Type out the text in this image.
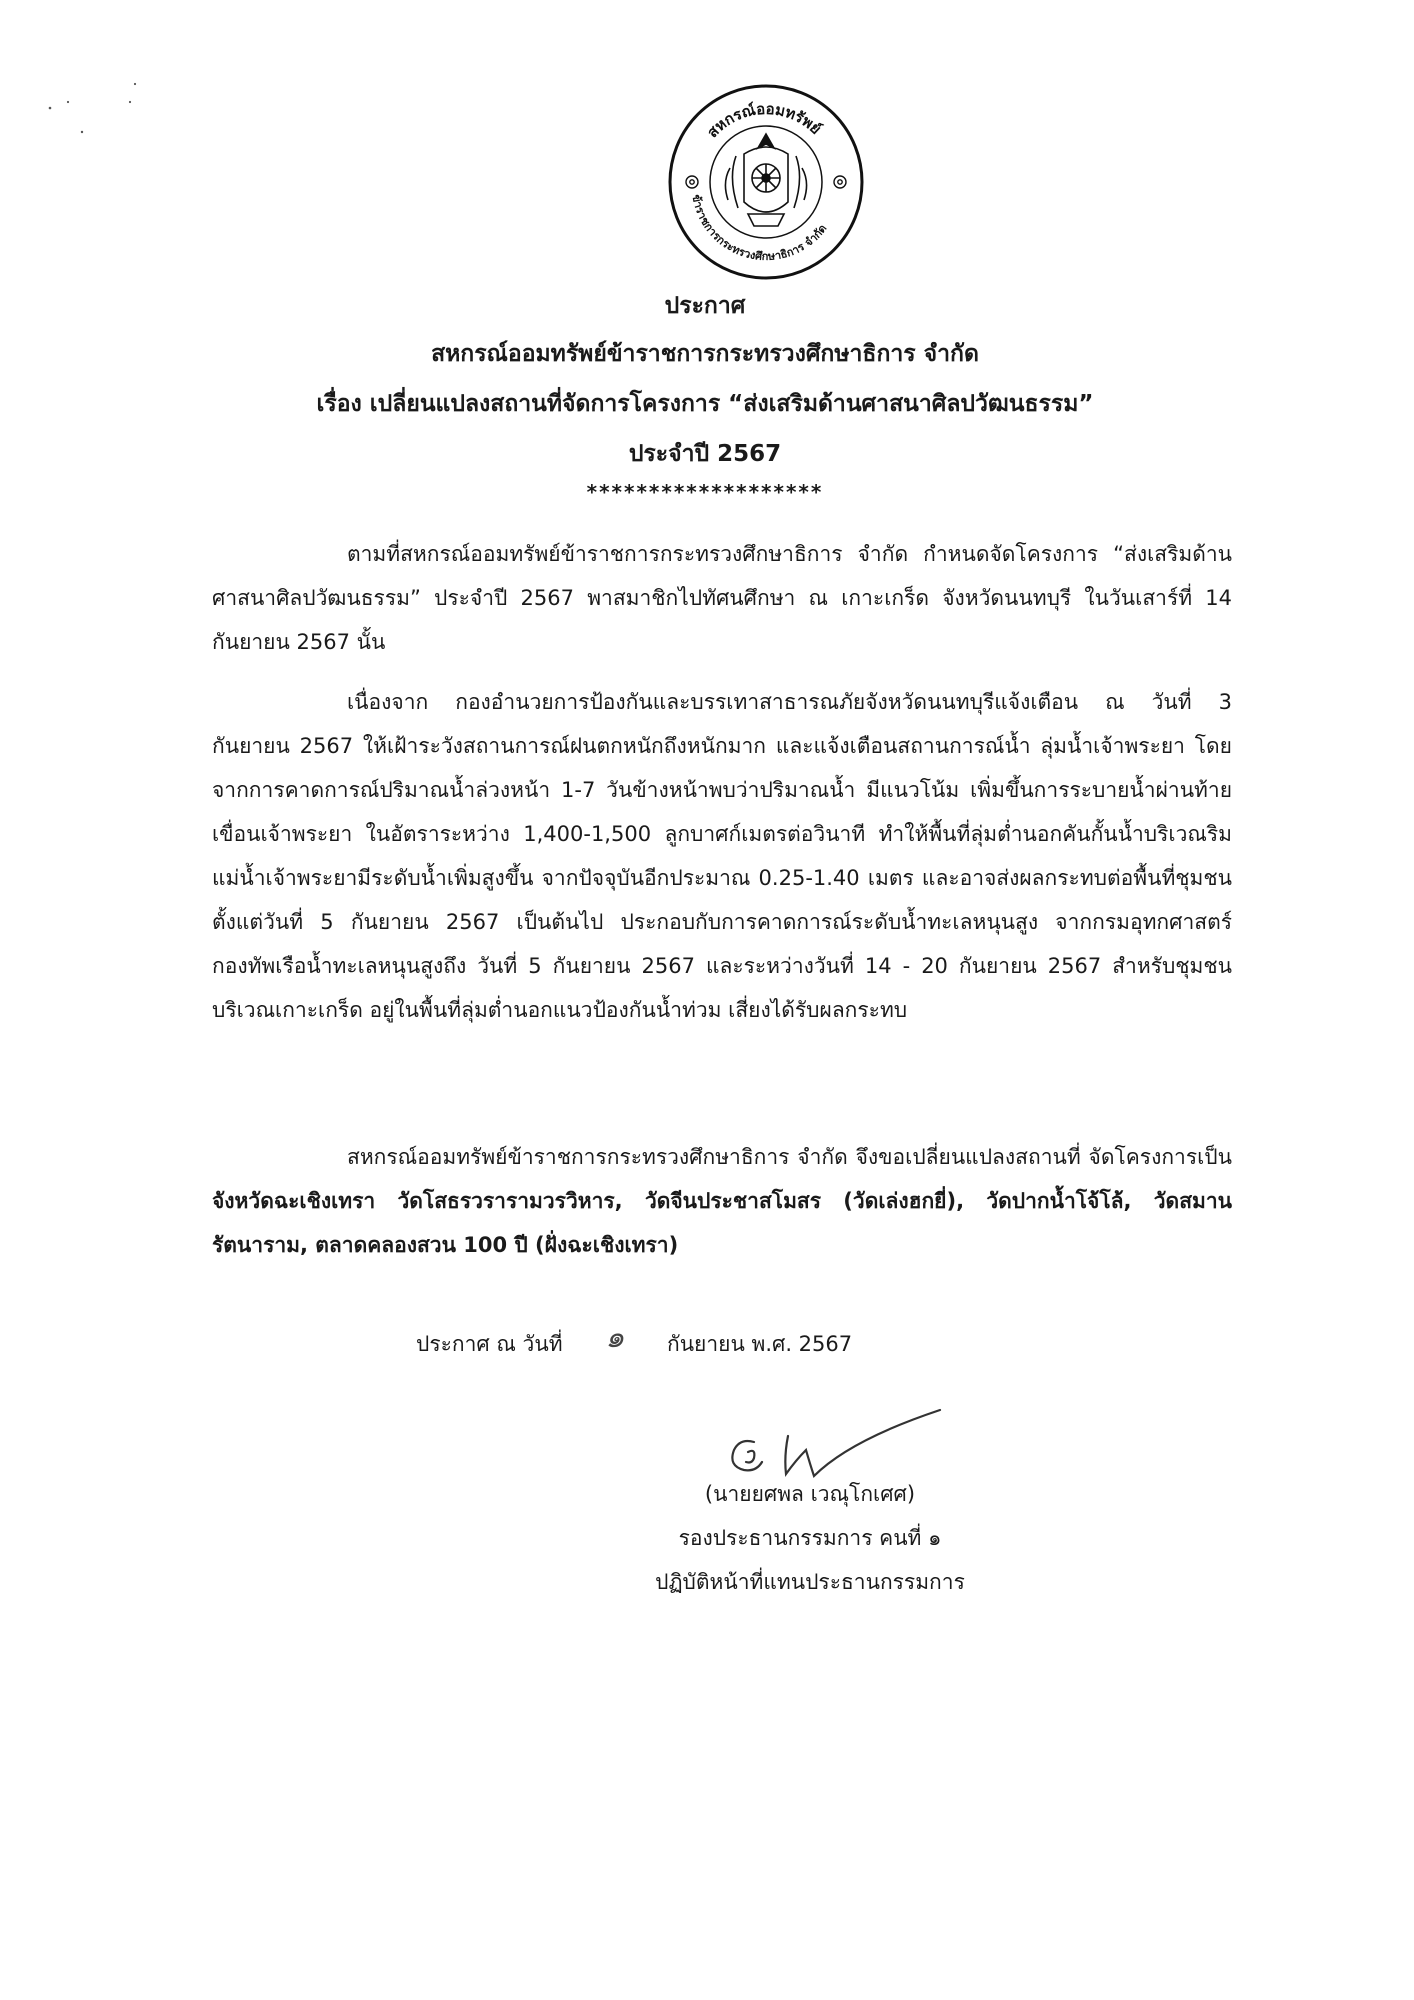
สหกรณ์ออมทรัพย์
ข้าราชการกระทรวงศึกษาธิการ จำกัด
ประกาศ
สหกรณ์ออมทรัพย์ข้าราชการกระทรวงศึกษาธิการ จำกัด
เรื่อง เปลี่ยนแปลงสถานที่จัดการโครงการ “ส่งเสริมด้านศาสนาศิลปวัฒนธรรม”
ประจำปี 2567
*******************

ตามที่สหกรณ์ออมทรัพย์ข้าราชการกระทรวงศึกษาธิการ จำกัด กำหนดจัดโครงการ “ส่งเสริมด้านศาสนาศิลปวัฒนธรรม” ประจำปี 2567 พาสมาชิกไปทัศนศึกษา ณ เกาะเกร็ด จังหวัดนนทบุรี ในวันเสาร์ที่ 14 กันยายน 2567 นั้น

เนื่องจาก กองอำนวยการป้องกันและบรรเทาสาธารณภัยจังหวัดนนทบุรีแจ้งเตือน ณ วันที่ 3 กันยายน 2567 ให้เฝ้าระวังสถานการณ์ฝนตกหนักถึงหนักมาก และแจ้งเตือนสถานการณ์น้ำ ลุ่มน้ำเจ้าพระยา โดยจากการคาดการณ์ปริมาณน้ำล่วงหน้า 1-7 วันข้างหน้าพบว่าปริมาณน้ำ มีแนวโน้ม เพิ่มขึ้นการระบายน้ำผ่านท้ายเขื่อนเจ้าพระยา ในอัตราระหว่าง 1,400-1,500 ลูกบาศก์เมตรต่อวินาที ทำให้พื้นที่ลุ่มต่ำนอกคันกั้นน้ำบริเวณริมแม่น้ำเจ้าพระยามีระดับน้ำเพิ่มสูงขึ้น จากปัจจุบันอีกประมาณ 0.25-1.40 เมตร และอาจส่งผลกระทบต่อพื้นที่ชุมชน ตั้งแต่วันที่ 5 กันยายน 2567 เป็นต้นไป ประกอบกับการคาดการณ์ระดับน้ำทะเลหนุนสูง จากกรมอุทกศาสตร์ กองทัพเรือน้ำทะเลหนุนสูงถึง วันที่ 5 กันยายน 2567 และระหว่างวันที่ 14 - 20 กันยายน 2567 สำหรับชุมชนบริเวณเกาะเกร็ด อยู่ในพื้นที่ลุ่มต่ำนอกแนวป้องกันน้ำท่วม เสี่ยงได้รับผลกระทบ

สหกรณ์ออมทรัพย์ข้าราชการกระทรวงศึกษาธิการ จำกัด จึงขอเปลี่ยนแปลงสถานที่ จัดโครงการเป็น จังหวัดฉะเชิงเทรา วัดโสธรวรารามวรวิหาร, วัดจีนประชาสโมสร (วัดเล่งฮกยี่), วัดปากน้ำโจ้โล้, วัดสมานรัตนาราม, ตลาดคลองสวน 100 ปี (ฝั่งฉะเชิงเทรา)

ประกาศ ณ วันที่ ๑ กันยายน พ.ศ. 2567
(นายยศพล เวณุโกเศศ)
รองประธานกรรมการ คนที่ ๑
ปฏิบัติหน้าที่แทนประธานกรรมการ
